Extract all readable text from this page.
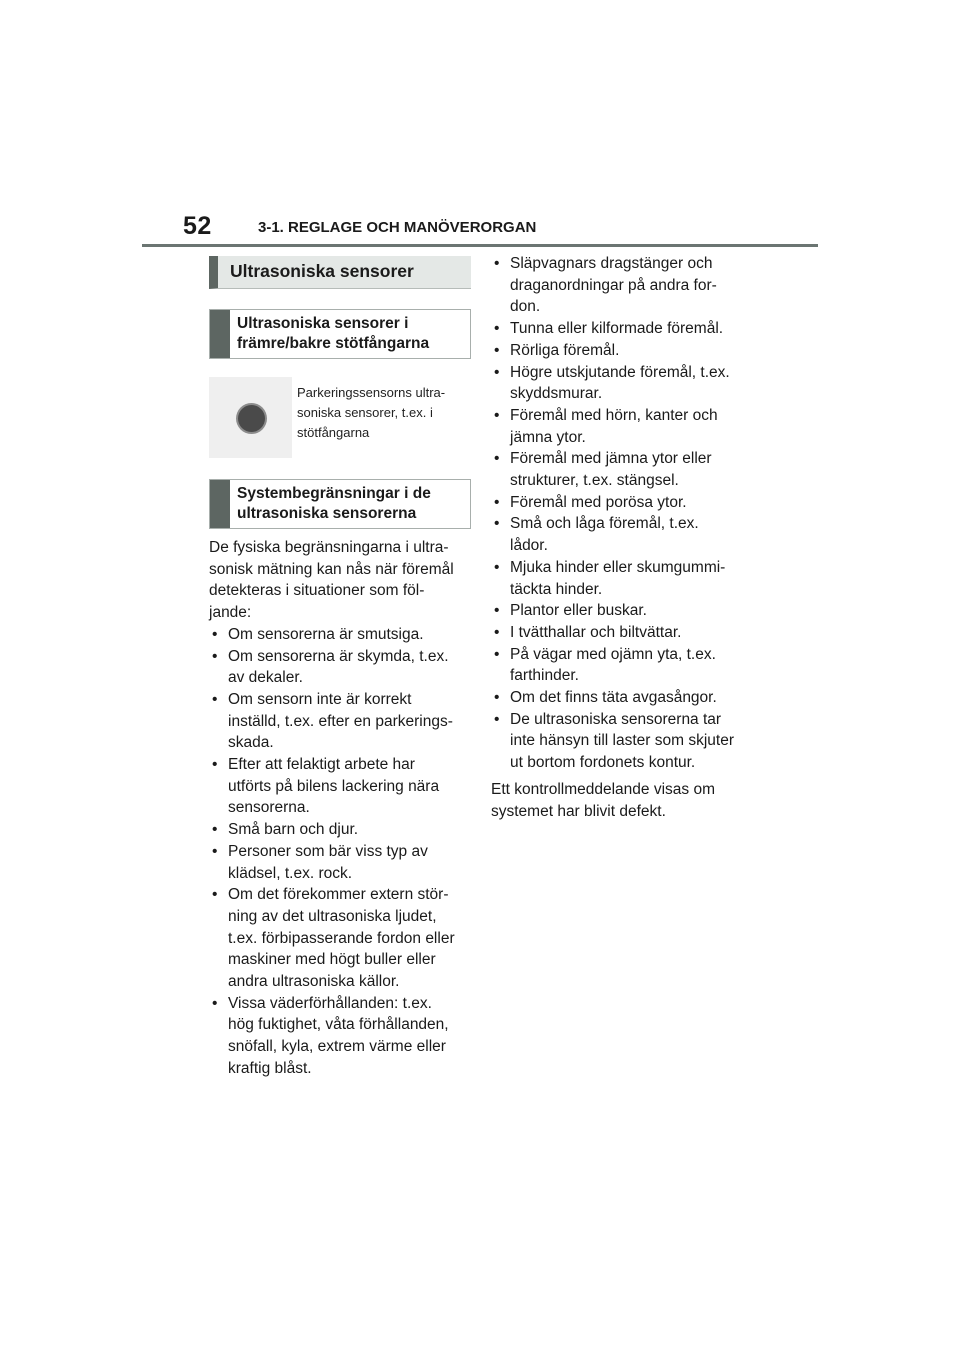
52	3-1. REGLAGE OCH MANÖVERORGAN
Ultrasoniska sensorer
Ultrasoniska sensorer i
främre/bakre stötfångarna
Parkeringssensorns ultra-
soniska sensorer, t.ex. i
stötfångarna
Systembegränsningar i de
ultrasoniska sensorerna
De fysiska begränsningarna i ultra-
sonisk mätning kan nås när föremål
detekteras i situationer som föl-
jande:
• Om sensorerna är smutsiga.
• Om sensorerna är skymda, t.ex.
av dekaler.
• Om sensorn inte är korrekt
inställd, t.ex. efter en parkerings-
skada.
• Efter att felaktigt arbete har
utförts på bilens lackering nära
sensorerna.
• Små barn och djur.
• Personer som bär viss typ av
klädsel, t.ex. rock.
• Om det förekommer extern stör-
ning av det ultrasoniska ljudet,
t.ex. förbipasserande fordon eller
maskiner med högt buller eller
andra ultrasoniska källor.
• Vissa väderförhållanden: t.ex.
hög fuktighet, våta förhållanden,
snöfall, kyla, extrem värme eller
kraftig blåst.
• Släpvagnars dragstänger och
draganordningar på andra for-
don.
• Tunna eller kilformade föremål.
• Rörliga föremål.
• Högre utskjutande föremål, t.ex.
skyddsmurar.
• Föremål med hörn, kanter och
jämna ytor.
• Föremål med jämna ytor eller
strukturer, t.ex. stängsel.
• Föremål med porösa ytor.
• Små och låga föremål, t.ex.
lådor.
• Mjuka hinder eller skumgummi-
täckta hinder.
• Plantor eller buskar.
• I tvätthallar och biltvättar.
• På vägar med ojämn yta, t.ex.
farthinder.
• Om det finns täta avgasångor.
• De ultrasoniska sensorerna tar
inte hänsyn till laster som skjuter
ut bortom fordonets kontur.
Ett kontrollmeddelande visas om
systemet har blivit defekt.
